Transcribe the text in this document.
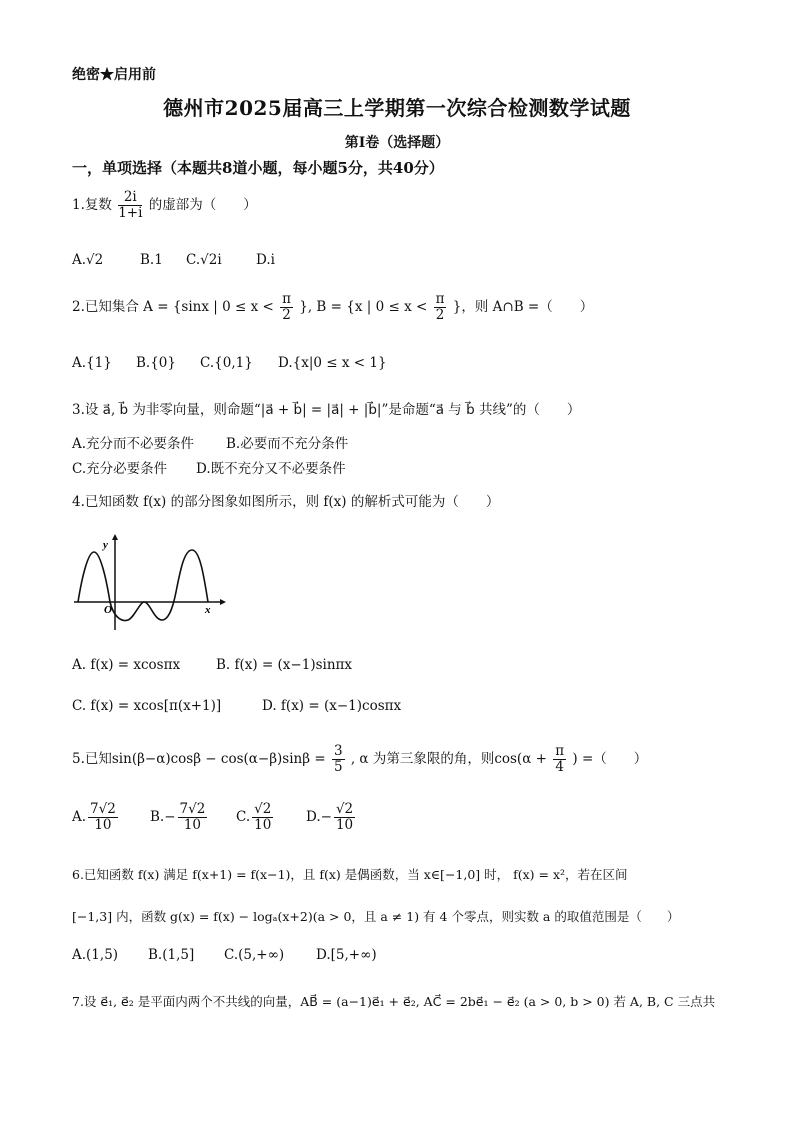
绝密★启用前
德州市2025届高三上学期第一次综合检测数学试题
第Ⅰ卷（选择题）
一，单项选择（本题共8道小题，每小题5分，共40分）
1.复数 $\frac{2i}{1+i}$ 的虚部为（　　）
A.√2	B.1 C.√2i	D.i
2.已知集合 A = {sinx | $0 \le x < \frac{\pi}{2}$ }, B = {x | $0 \le x < \frac{\pi}{2}$ }，则 A∩B =（　　）
A.{1} B.{0} C.{0,1} D.{x|0 ≤ x < 1}
3.设 a⃗, b⃗ 为非零向量，则命题“|a⃗ + b⃗| = |a⃗| + |b⃗|”是命题“a⃗ 与 b⃗ 共线”的（　　）
A.充分而不必要条件 B.必要而不充分条件
C.充分必要条件 D.既不充分又不必要条件
4.已知函数 f(x) 的部分图象如图所示，则 f(x) 的解析式可能为（　　）
y
x
O
A. f(x) = xcosπx	B. f(x) = (x−1)sinπx
C. f(x) = xcos[π(x+1)]	D. f(x) = (x−1)cosπx
5.已知$\sin(\beta-\alpha)\cos\beta - \cos(\alpha-\beta)\sin\beta = \frac{3}{5}$ , α 为第三象限的角，则$\cos(\alpha + \frac{\pi}{4}$ ) =（　　）
A. $\frac{7√2}{10} B.- \frac{7√2}{10} C$. $\frac{√2}{10} D.- \frac{√2}{10}$
6.已知函数 f(x) 满足 f(x+1) = f(x−1)，且 f(x) 是偶函数，当 x∈[−1,0] 时， f(x) = x²，若在区间
[−1,3] 内，函数 g(x) = f(x) − logₐ(x+2)(a > 0，且 a ≠ 1) 有 4 个零点，则实数 a 的取值范围是（　　）
A.(1,5) B.(1,5] C.(5,+∞) D.[5,+∞)
7.设 e⃗₁, e⃗₂ 是平面内两个不共线的向量，AB⃗ = (a−1)e⃗₁ + e⃗₂, AC⃗ = 2be⃗₁ − e⃗₂ (a > 0, b > 0) 若 A, B, C 三点共
